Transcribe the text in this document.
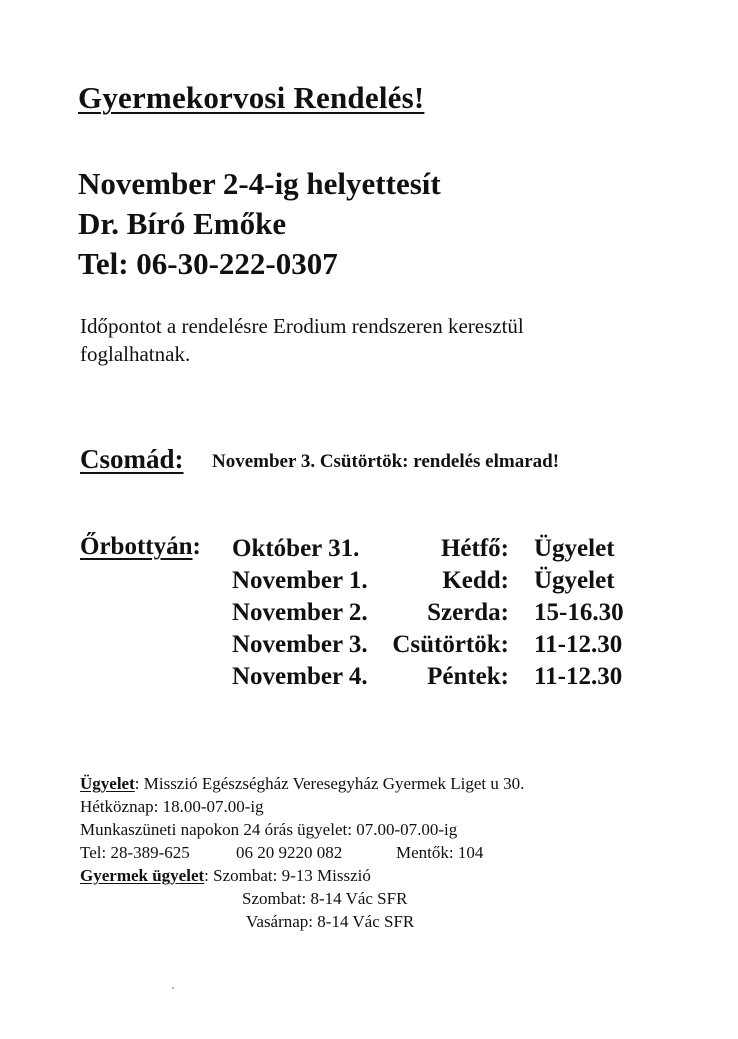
Gyermekorvosi Rendelés!
November 2-4-ig helyettesít
Dr. Bíró Emőke
Tel: 06-30-222-0307
Időpontot a rendelésre Erodium rendszeren keresztül
foglalhatnak.
Csomád: November 3. Csütörtök: rendelés elmarad!
Őrbottyán: Október 31.	Hétfő: Ügyelet
November 1.	Kedd: Ügyelet
November 2. Szerda: 15-16.30
November 3. Csütörtök: 11-12.30
November 4. Péntek: 11-12.30
Ügyelet: Misszió Egészségház Veresegyház Gyermek Liget u 30.
Hétköznap: 18.00-07.00-ig
Munkaszüneti napokon 24 órás ügyelet: 07.00-07.00-ig
Tel: 28-389-625	06 20 9220 082	Mentők: 104
Gyermek ügyelet: Szombat: 9-13 Misszió
Szombat: 8-14 Vác SFR
Vasárnap: 8-14 Vác SFR
